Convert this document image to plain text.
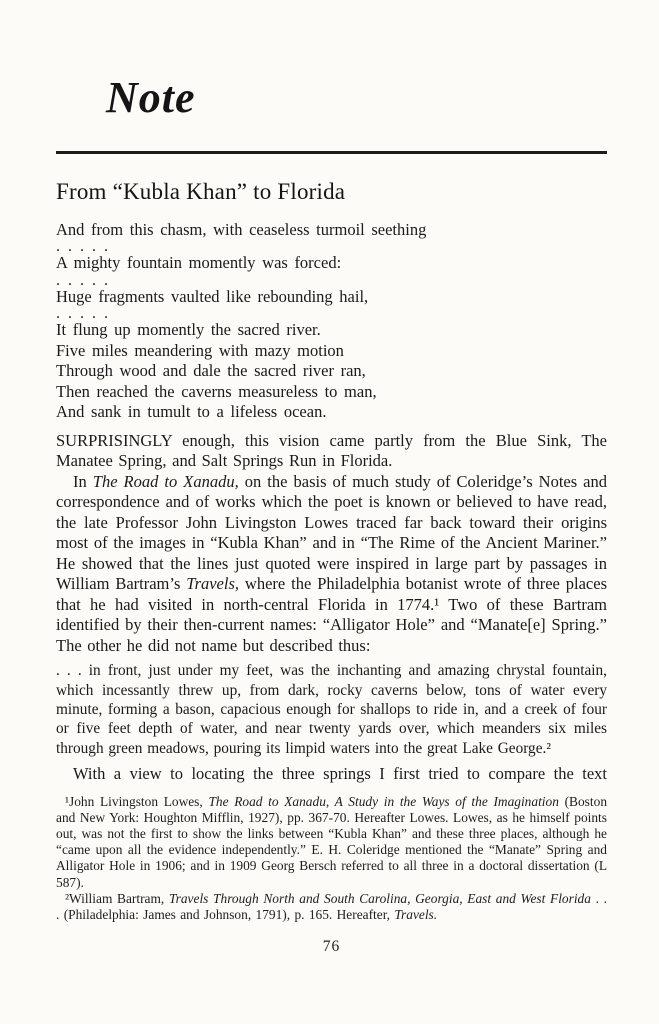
Note
From “Kubla Khan” to Florida
And from this chasm, with ceaseless turmoil seething
. . . . .
A mighty fountain momently was forced:
. . . . .
Huge fragments vaulted like rebounding hail,
. . . . .
It flung up momently the sacred river.
Five miles meandering with mazy motion
Through wood and dale the sacred river ran,
Then reached the caverns measureless to man,
And sank in tumult to a lifeless ocean.

SURPRISINGLY enough, this vision came partly from the Blue Sink, The Manatee Spring, and Salt Springs Run in Florida.

In The Road to Xanadu, on the basis of much study of Coleridge’s Notes and correspondence and of works which the poet is known or believed to have read, the late Professor John Livingston Lowes traced far back toward their origins most of the images in “Kubla Khan” and in “The Rime of the Ancient Mariner.” He showed that the lines just quoted were inspired in large part by passages in William Bartram’s Travels, where the Philadelphia botanist wrote of three places that he had visited in north-central Florida in 1774.¹ Two of these Bartram identified by their then-current names: “Alligator Hole” and “Manate[e] Spring.” The other he did not name but described thus:

. . . in front, just under my feet, was the inchanting and amazing chrystal fountain, which incessantly threw up, from dark, rocky caverns below, tons of water every minute, forming a bason, capacious enough for shallops to ride in, and a creek of four or five feet depth of water, and near twenty yards over, which meanders six miles through green meadows, pouring its limpid waters into the great Lake George.²

With a view to locating the three springs I first tried to compare the text

¹John Livingston Lowes, The Road to Xanadu, A Study in the Ways of the Imagination (Boston and New York: Houghton Mifflin, 1927), pp. 367-70. Hereafter Lowes. Lowes, as he himself points out, was not the first to show the links between “Kubla Khan” and these three places, although he “came upon all the evidence independently.” E. H. Coleridge mentioned the “Manate” Spring and Alligator Hole in 1906; and in 1909 Georg Bersch referred to all three in a doctoral dissertation (L 587).

²William Bartram, Travels Through North and South Carolina, Georgia, East and West Florida . . . (Philadelphia: James and Johnson, 1791), p. 165. Hereafter, Travels.

76
